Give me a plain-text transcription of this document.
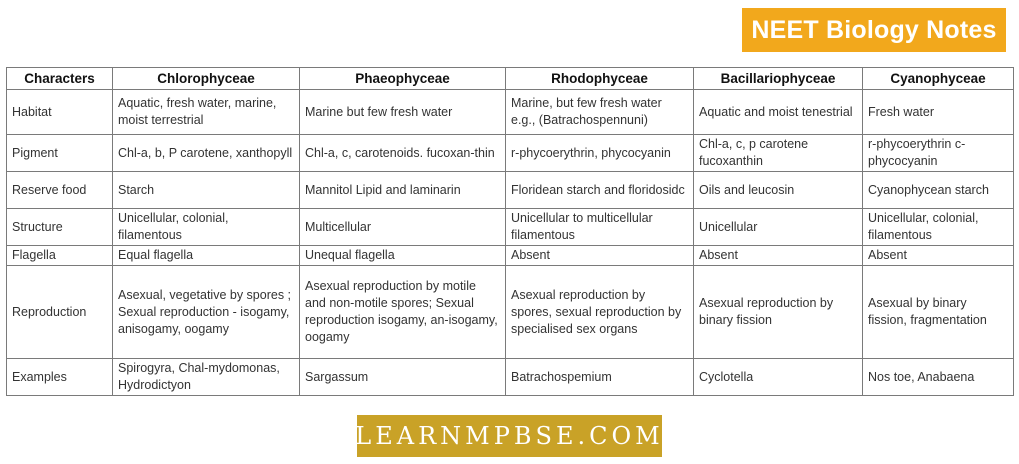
NEET Biology Notes
Characters	Chlorophyceae	Phaeophyceae	Rhodophyceae	Bacillariophyceae	Cyanophyceae
Habitat	Aquatic, fresh water, marine, moist terrestrial	Marine but few fresh water	Marine, but few fresh water e.g., (Batrachospennuni)	Aquatic and moist tenestrial	Fresh water
Pigment	Chl-a, b, P carotene, xanthopyll	Chl-a, c, carotenoids. fucoxan-thin	r-phycoerythrin, phycocyanin	Chl-a, c, p carotene fucoxanthin	r-phycoerythrin c-phycocyanin
Reserve food	Starch	Mannitol Lipid and laminarin	Floridean starch and floridosidc	Oils and leucosin	Cyanophycean starch
Structure	Unicellular, colonial, filamentous	Multicellular	Unicellular to multicellular filamentous	Unicellular	Unicellular, colonial, filamentous
Flagella	Equal flagella	Unequal flagella	Absent	Absent	Absent
Reproduction	Asexual, vegetative by spores ; Sexual reproduction - isogamy, anisogamy, oogamy	Asexual reproduction by motile and non-motile spores; Sexual reproduction isogamy, an-isogamy, oogamy	Asexual reproduction by spores, sexual reproduction by specialised sex organs	Asexual reproduction by binary fission	Asexual by binary fission, fragmentation
Examples	Spirogyra, Chal-mydomonas, Hydrodictyon	Sargassum	Batrachospemium	Cyclotella	Nos toe, Anabaena
LEARNMPBSE.COM
